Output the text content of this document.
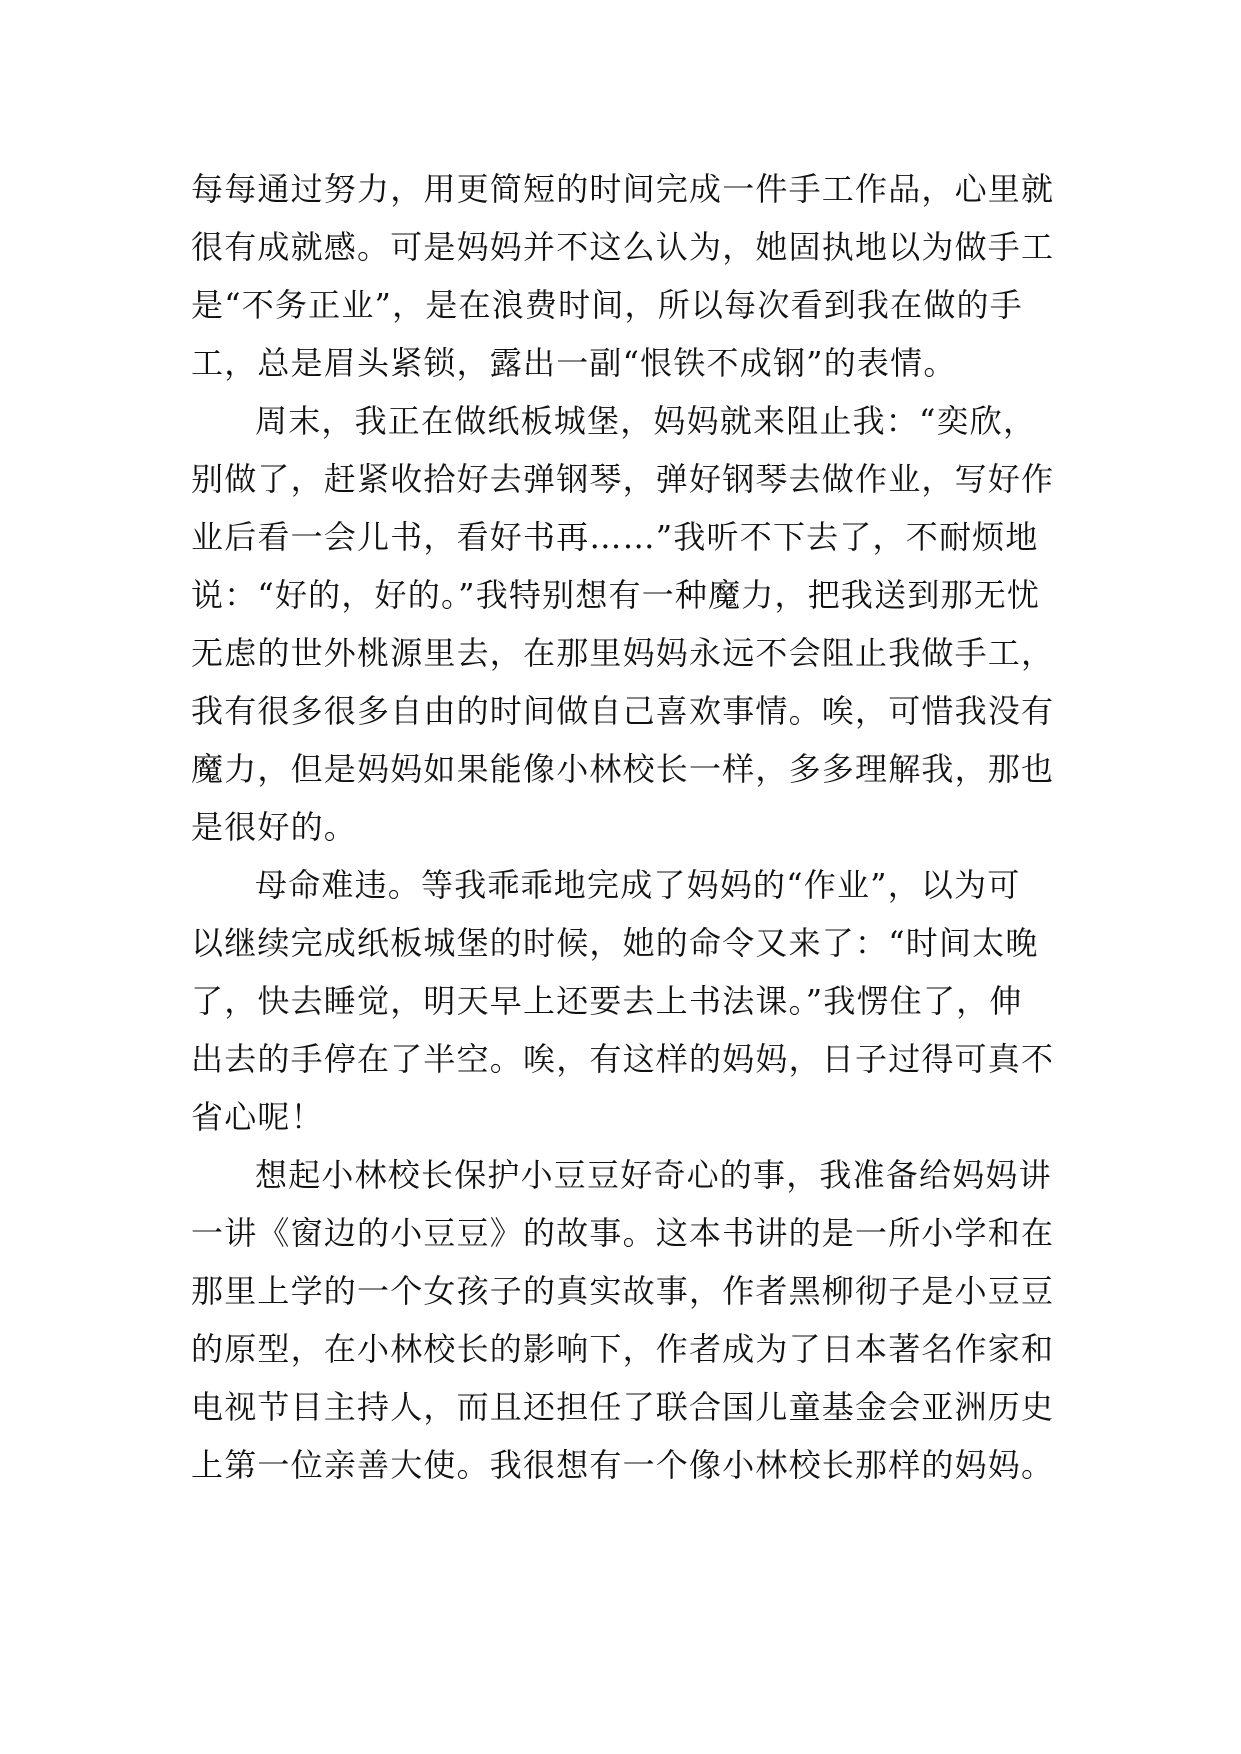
每每通过努力，用更简短的时间完成一件手工作品，心里就
很有成就感。可是妈妈并不这么认为，她固执地以为做手工
是“不务正业”，是在浪费时间，所以每次看到我在做的手
工，总是眉头紧锁，露出一副“恨铁不成钢”的表情。
周末，我正在做纸板城堡，妈妈就来阻止我：“奕欣，
别做了，赶紧收拾好去弹钢琴，弹好钢琴去做作业，写好作
业后看一会儿书，看好书再……”我听不下去了，不耐烦地
说：“好的，好的。”我特别想有一种魔力，把我送到那无忧
无虑的世外桃源里去，在那里妈妈永远不会阻止我做手工，
我有很多很多自由的时间做自己喜欢事情。唉，可惜我没有
魔力，但是妈妈如果能像小林校长一样，多多理解我，那也
是很好的。
母命难违。等我乖乖地完成了妈妈的“作业”，以为可
以继续完成纸板城堡的时候，她的命令又来了：“时间太晚
了，快去睡觉，明天早上还要去上书法课。”我愣住了，伸
出去的手停在了半空。唉，有这样的妈妈，日子过得可真不
省心呢！
想起小林校长保护小豆豆好奇心的事，我准备给妈妈讲
一讲《窗边的小豆豆》的故事。这本书讲的是一所小学和在
那里上学的一个女孩子的真实故事，作者黑柳彻子是小豆豆
的原型，在小林校长的影响下，作者成为了日本著名作家和
电视节目主持人，而且还担任了联合国儿童基金会亚洲历史
上第一位亲善大使。我很想有一个像小林校长那样的妈妈。
